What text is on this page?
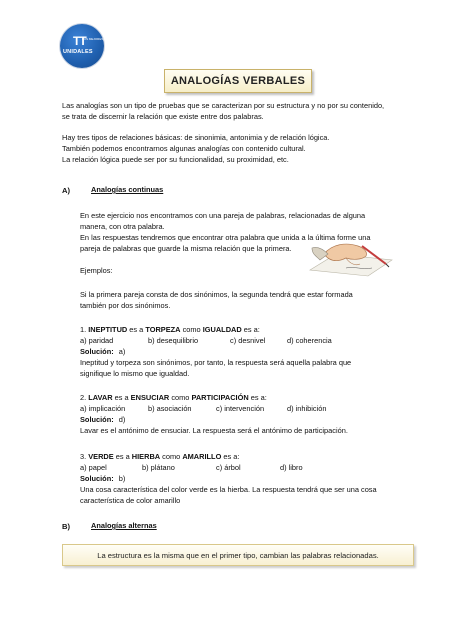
TT
LOS MEJORES
UNIDALES
ANALOGÍAS VERBALES
Las analogías son un tipo de pruebas que se caracterizan por su estructura y no por su contenido,
se trata de discernir la relación que existe entre dos palabras.
Hay tres tipos de relaciones básicas: de sinonimia, antonimia y de relación lógica.
También podemos encontrarnos algunas analogías con contenido cultural.
La relación lógica puede ser por su funcionalidad, su proximidad, etc.
A)	Analogías continuas
En este ejercicio nos encontramos con una pareja de palabras, relacionadas de alguna
manera, con otra palabra.
En las respuestas tendremos que encontrar otra palabra que unida a la última forme una
pareja de palabras que guarde la misma relación que la primera.
Ejemplos:
Si la primera pareja consta de dos sinónimos, la segunda tendrá que estar formada
también por dos sinónimos.
1. INEPTITUD es a TORPEZA como IGUALDAD es a:
a) paridad	b) desequilibrio	c) desnivel	d) coherencia
Solución: a)
Ineptitud y torpeza son sinónimos, por tanto, la respuesta será aquella palabra que
signifique lo mismo que igualdad.
2. LAVAR es a ENSUCIAR como PARTICIPACIÓN es a:
a) implicación	b) asociación	c) intervención	d) inhibición
Solución: d)
Lavar es el antónimo de ensuciar. La respuesta será el antónimo de participación.
3. VERDE es a HIERBA como AMARILLO es a:
a) papel	b) plátano	c) árbol	d) libro
Solución: b)
Una cosa característica del color verde es la hierba. La respuesta tendrá que ser una cosa
característica de color amarillo
B)	Analogías alternas
La estructura es la misma que en el primer tipo, cambian las palabras relacionadas.
